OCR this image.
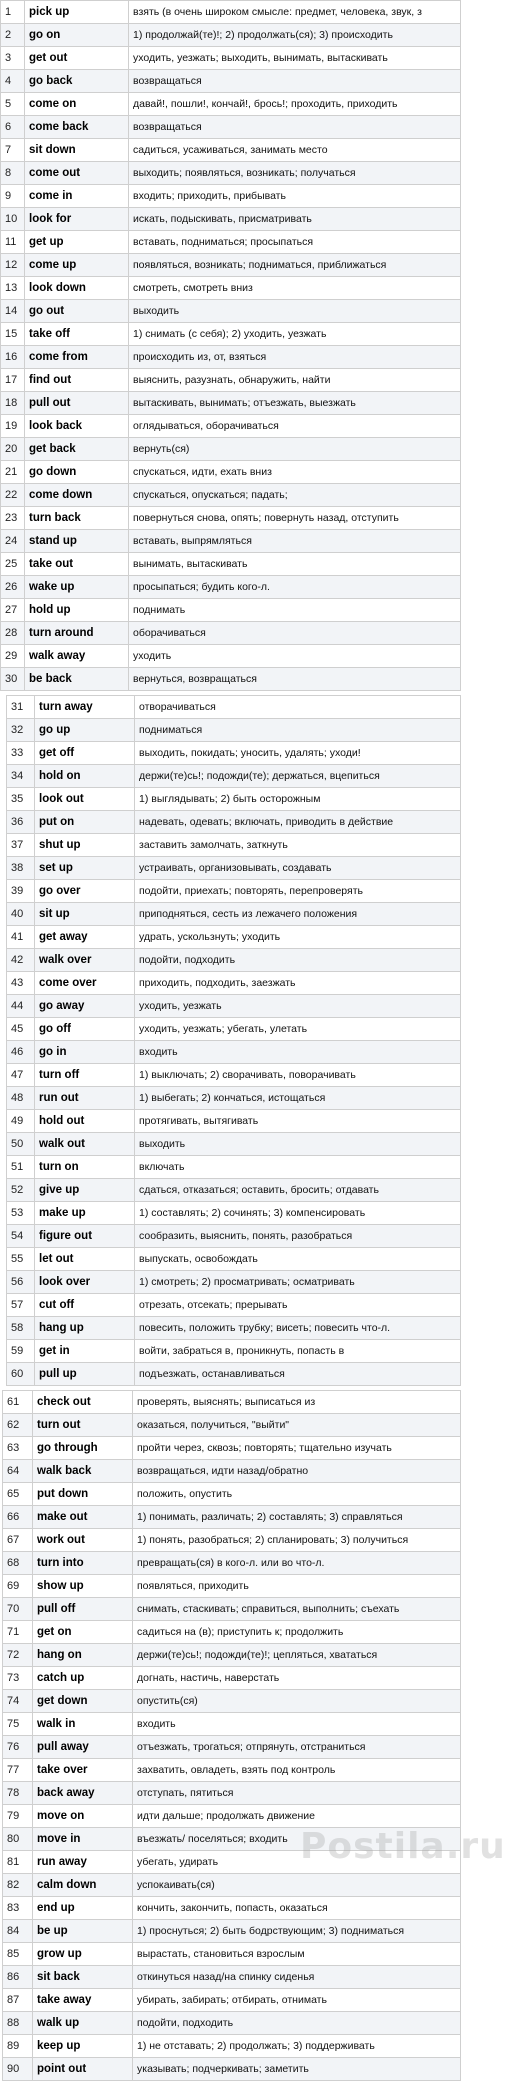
1	pick up	взять (в очень широком смысле: предмет, человека, звук, з
2	go on	1) продолжай(те)!; 2) продолжать(ся); 3) происходить
3	get out	уходить, уезжать; выходить, вынимать, вытаскивать
4	go back	возвращаться
5	come on	давай!, пошли!, кончай!, брось!; проходить, приходить
6	come back	возвращаться
7	sit down	садиться, усаживаться, занимать место
8	come out	выходить; появляться, возникать; получаться
9	come in	входить; приходить, прибывать
10	look for	искать, подыскивать, присматривать
11	get up	вставать, подниматься; просыпаться
12	come up	появляться, возникать; подниматься, приближаться
13	look down	смотреть, смотреть вниз
14	go out	выходить
15	take off	1) снимать (с себя); 2) уходить, уезжать
16	come from	происходить из, от, взяться
17	find out	выяснить, разузнать, обнаружить, найти
18	pull out	вытаскивать, вынимать; отъезжать, выезжать
19	look back	оглядываться, оборачиваться
20	get back	вернуть(ся)
21	go down	спускаться, идти, ехать вниз
22	come down	спускаться, опускаться; падать;
23	turn back	повернуться снова, опять; повернуть назад, отступить
24	stand up	вставать, выпрямляться
25	take out	вынимать, вытаскивать
26	wake up	просыпаться; будить кого-л.
27	hold up	поднимать
28	turn around	оборачиваться
29	walk away	уходить
30	be back	вернуться, возвращаться
31	turn away	отворачиваться
32	go up	подниматься
33	get off	выходить, покидать; уносить, удалять; уходи!
34	hold on	держи(те)сь!; подожди(те); держаться, вцепиться
35	look out	1) выглядывать; 2) быть осторожным
36	put on	надевать, одевать; включать, приводить в действие
37	shut up	заставить замолчать, заткнуть
38	set up	устраивать, организовывать, создавать
39	go over	подойти, приехать; повторять, перепроверять
40	sit up	приподняться, сесть из лежачего положения
41	get away	удрать, ускользнуть; уходить
42	walk over	подойти, подходить
43	come over	приходить, подходить, заезжать
44	go away	уходить, уезжать
45	go off	уходить, уезжать; убегать, улетать
46	go in	входить
47	turn off	1) выключать; 2) сворачивать, поворачивать
48	run out	1) выбегать; 2) кончаться, истощаться
49	hold out	протягивать, вытягивать
50	walk out	выходить
51	turn on	включать
52	give up	сдаться, отказаться; оставить, бросить; отдавать
53	make up	1) составлять; 2) сочинять; 3) компенсировать
54	figure out	сообразить, выяснить, понять, разобраться
55	let out	выпускать, освобождать
56	look over	1) смотреть; 2) просматривать; осматривать
57	cut off	отрезать, отсекать; прерывать
58	hang up	повесить, положить трубку; висеть; повесить что-л.
59	get in	войти, забраться в, проникнуть, попасть в
60	pull up	подъезжать, останавливаться
61	check out	проверять, выяснять; выписаться из
62	turn out	оказаться, получиться, "выйти"
63	go through	пройти через, сквозь; повторять; тщательно изучать
64	walk back	возвращаться, идти назад/обратно
65	put down	положить, опустить
66	make out	1) понимать, различать; 2) составлять; 3) справляться
67	work out	1) понять, разобраться; 2) спланировать; 3) получиться
68	turn into	превращать(ся) в кого-л. или во что-л.
69	show up	появляться, приходить
70	pull off	снимать, стаскивать; справиться, выполнить; съехать
71	get on	садиться на (в); приступить к; продолжить
72	hang on	держи(те)сь!; подожди(те)!; цепляться, хвататься
73	catch up	догнать, настичь, наверстать
74	get down	опустить(ся)
75	walk in	входить
76	pull away	отъезжать, трогаться; отпрянуть, отстраниться
77	take over	захватить, овладеть, взять под контроль
78	back away	отступать, пятиться
79	move on	идти дальше; продолжать движение
80	move in	въезжать/ поселяться; входить
81	run away	убегать, удирать
82	calm down	успокаивать(ся)
83	end up	кончить, закончить, попасть, оказаться
84	be up	1) проснуться; 2) быть бодрствующим; 3) подниматься
85	grow up	вырастать, становиться взрослым
86	sit back	откинуться назад/на спинку сиденья
87	take away	убирать, забирать; отбирать, отнимать
88	walk up	подойти, подходить
89	keep up	1) не отставать; 2) продолжать; 3) поддерживать
90	point out	указывать; подчеркивать; заметить
Postila.ru
